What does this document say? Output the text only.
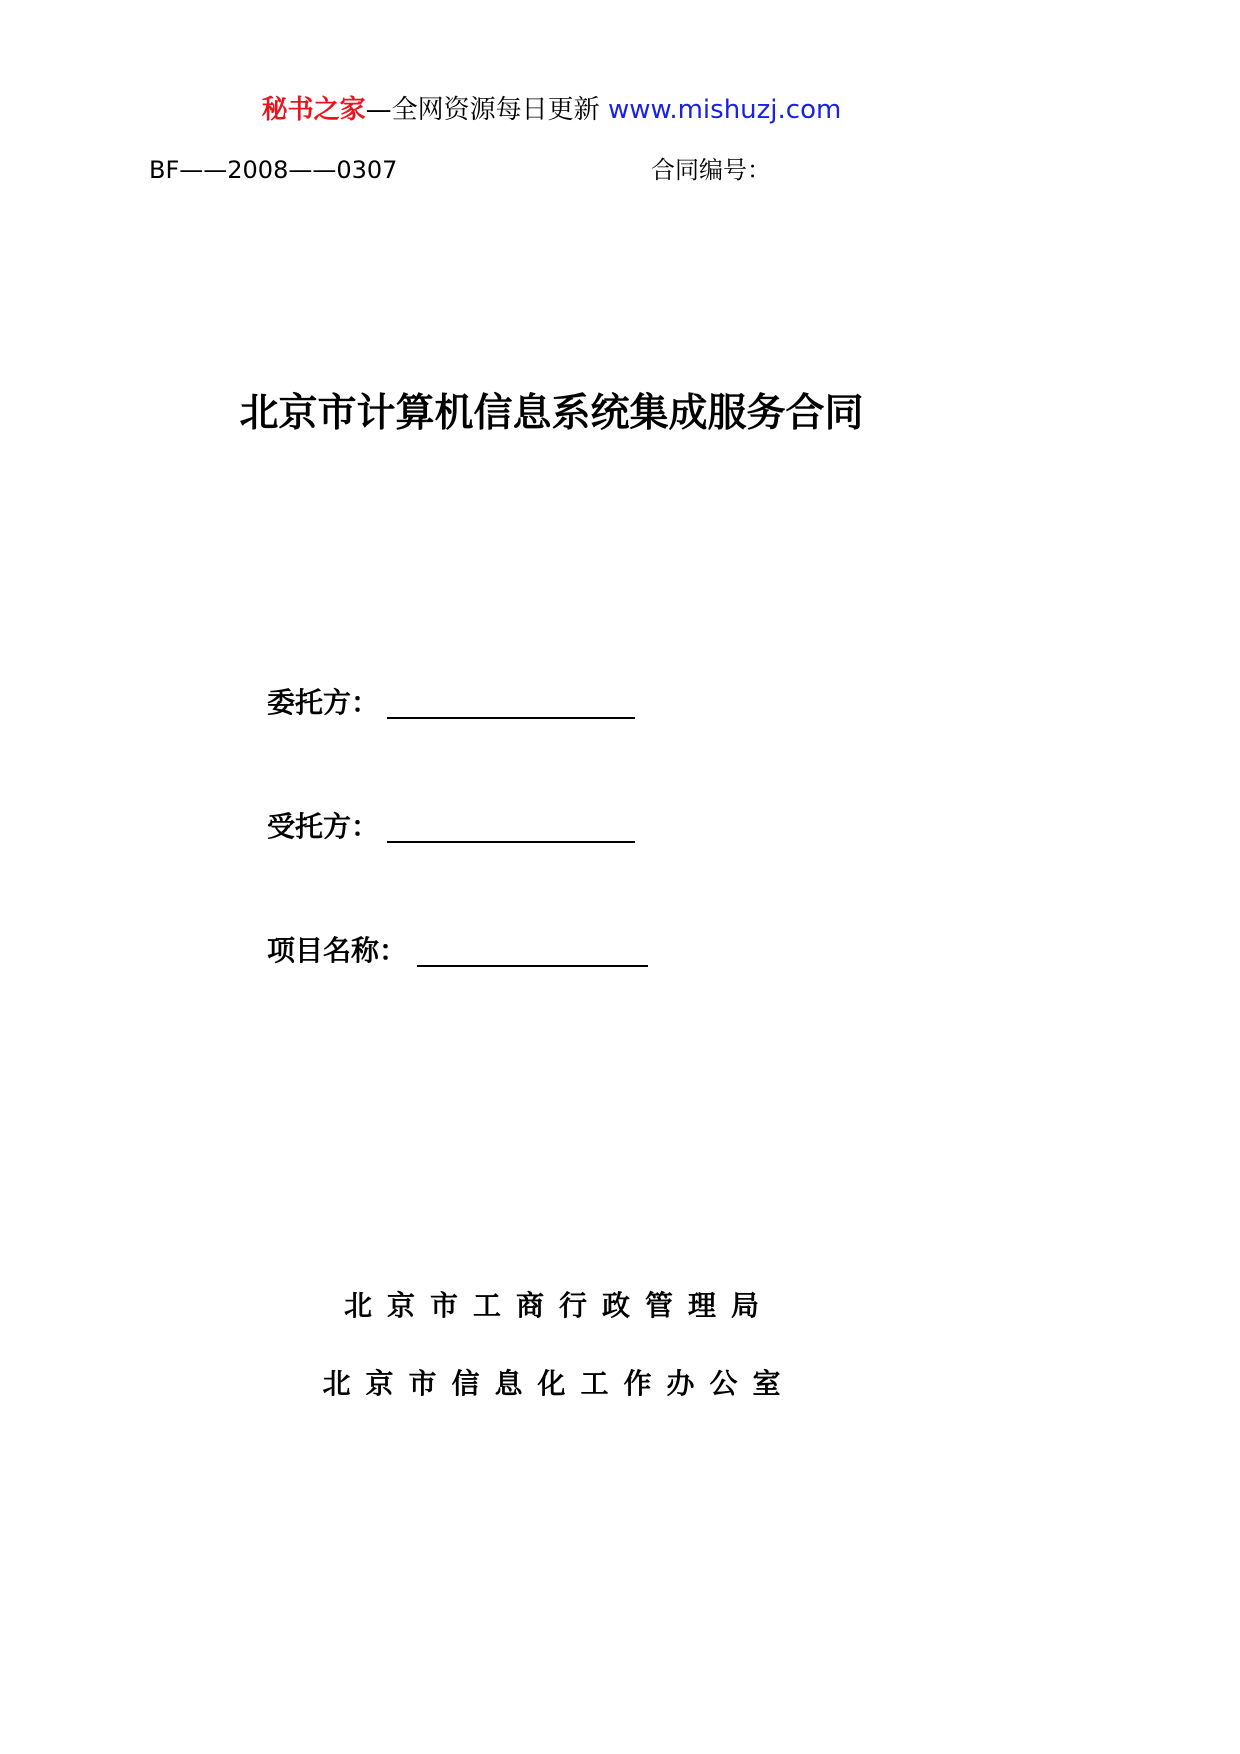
秘书之家—全网资源每日更新 www.mishuzj.com
BF——2008——0307	合同编号：
北京市计算机信息系统集成服务合同
委托方：
受托方：
项目名称：
北京市工商行政管理局
北京市信息化工作办公室
